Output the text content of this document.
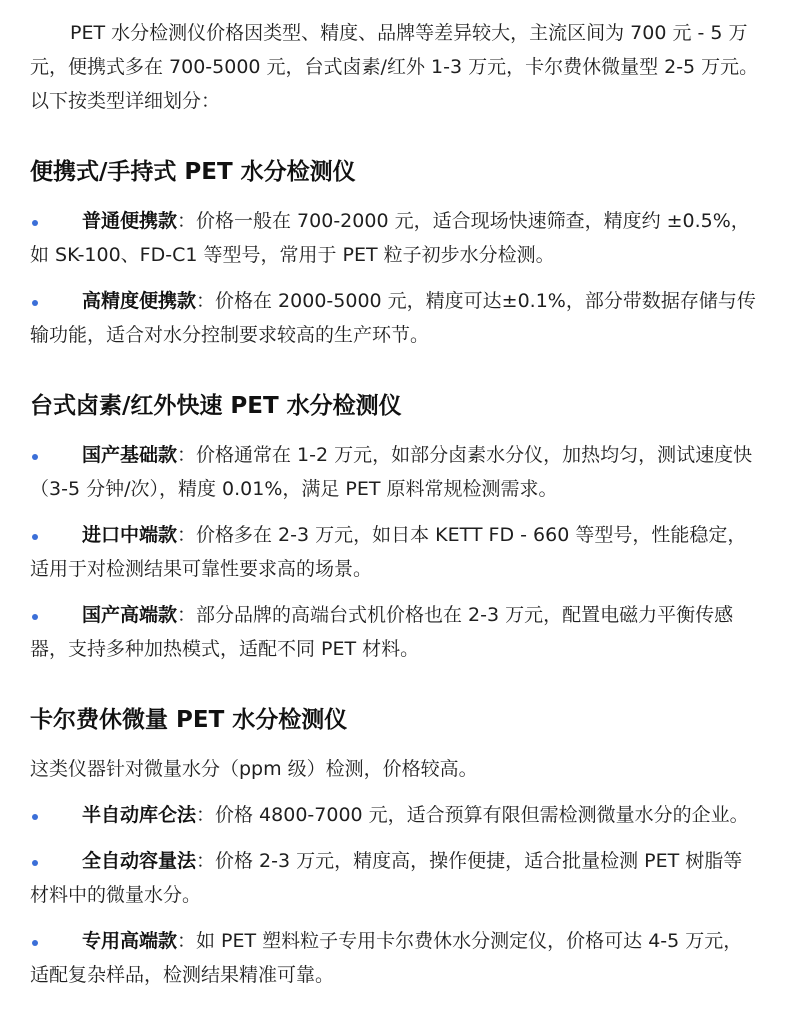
PET 水分检测仪价格因类型、精度、品牌等差异较大，主流区间为 700 元 - 5 万元，便携式多在 700-5000 元，台式卤素/红外 1-3 万元，卡尔费休微量型 2-5 万元。以下按类型详细划分：

便携式/手持式 PET 水分检测仪
普通便携款：价格一般在 700-2000 元，适合现场快速筛查，精度约 ±0.5%，如 SK-100、FD-C1 等型号，常用于 PET 粒子初步水分检测。
高精度便携款：价格在 2000-5000 元，精度可达±0.1%，部分带数据存储与传输功能，适合对水分控制要求较高的生产环节。
台式卤素/红外快速 PET 水分检测仪
国产基础款：价格通常在 1-2 万元，如部分卤素水分仪，加热均匀，测试速度快（3-5 分钟/次），精度 0.01%，满足 PET 原料常规检测需求。
进口中端款：价格多在 2-3 万元，如日本 KETT FD - 660 等型号，性能稳定，适用于对检测结果可靠性要求高的场景。
国产高端款：部分品牌的高端台式机价格也在 2-3 万元，配置电磁力平衡传感器，支持多种加热模式，适配不同 PET 材料。
卡尔费休微量 PET 水分检测仪

这类仪器针对微量水分（ppm 级）检测，价格较高。

半自动库仑法：价格 4800-7000 元，适合预算有限但需检测微量水分的企业。
全自动容量法：价格 2-3 万元，精度高，操作便捷，适合批量检测 PET 树脂等材料中的微量水分。
专用高端款：如 PET 塑料粒子专用卡尔费休水分测定仪，价格可达 4-5 万元，适配复杂样品，检测结果精准可靠。
